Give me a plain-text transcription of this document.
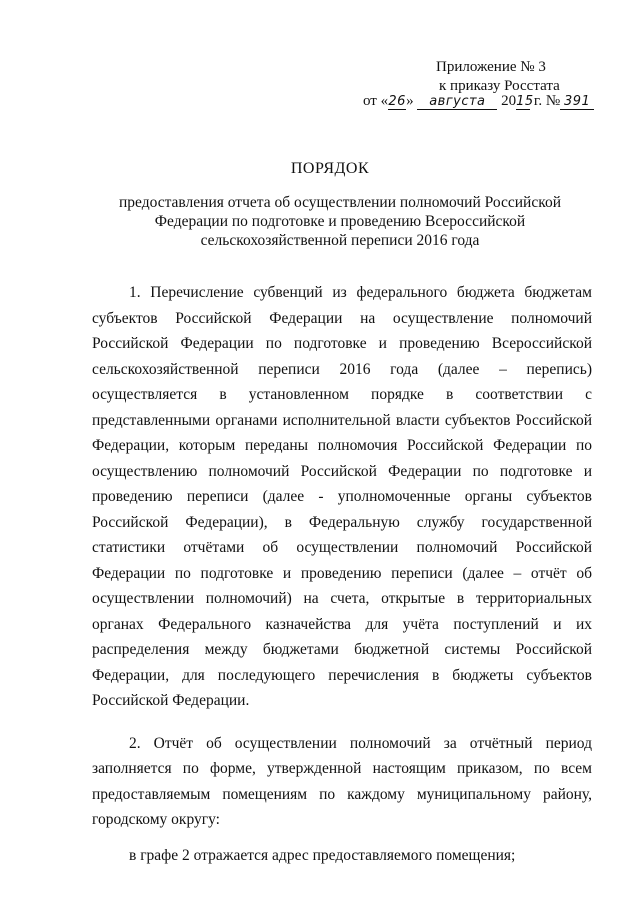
Приложение № 3
к приказу Росстата
от «26» августа 2015 г. № 391
ПОРЯДОК
предоставления отчета об осуществлении полномочий Российской Федерации по подготовке и проведению Всероссийской сельскохозяйственной переписи 2016 года

1. Перечисление субвенций из федерального бюджета бюджетам субъектов Российской Федерации на осуществление полномочий Российской Федерации по подготовке и проведению Всероссийской сельскохозяйственной переписи 2016 года (далее – перепись) осуществляется в установленном порядке в соответствии с представленными органами исполнительной власти субъектов Российской Федерации, которым переданы полномочия Российской Федерации по осуществлению полномочий Российской Федерации по подготовке и проведению переписи (далее - уполномоченные органы субъектов Российской Федерации), в Федеральную службу государственной статистики отчётами об осуществлении полномочий Российской Федерации по подготовке и проведению переписи (далее – отчёт об осуществлении полномочий) на счета, открытые в территориальных органах Федерального казначейства для учёта поступлений и их распределения между бюджетами бюджетной системы Российской Федерации, для последующего перечисления в бюджеты субъектов Российской Федерации.

2. Отчёт об осуществлении полномочий за отчётный период заполняется по форме, утвержденной настоящим приказом, по всем предоставляемым помещениям по каждому муниципальному району, городскому округу:

в графе 2 отражается адрес предоставляемого помещения;
